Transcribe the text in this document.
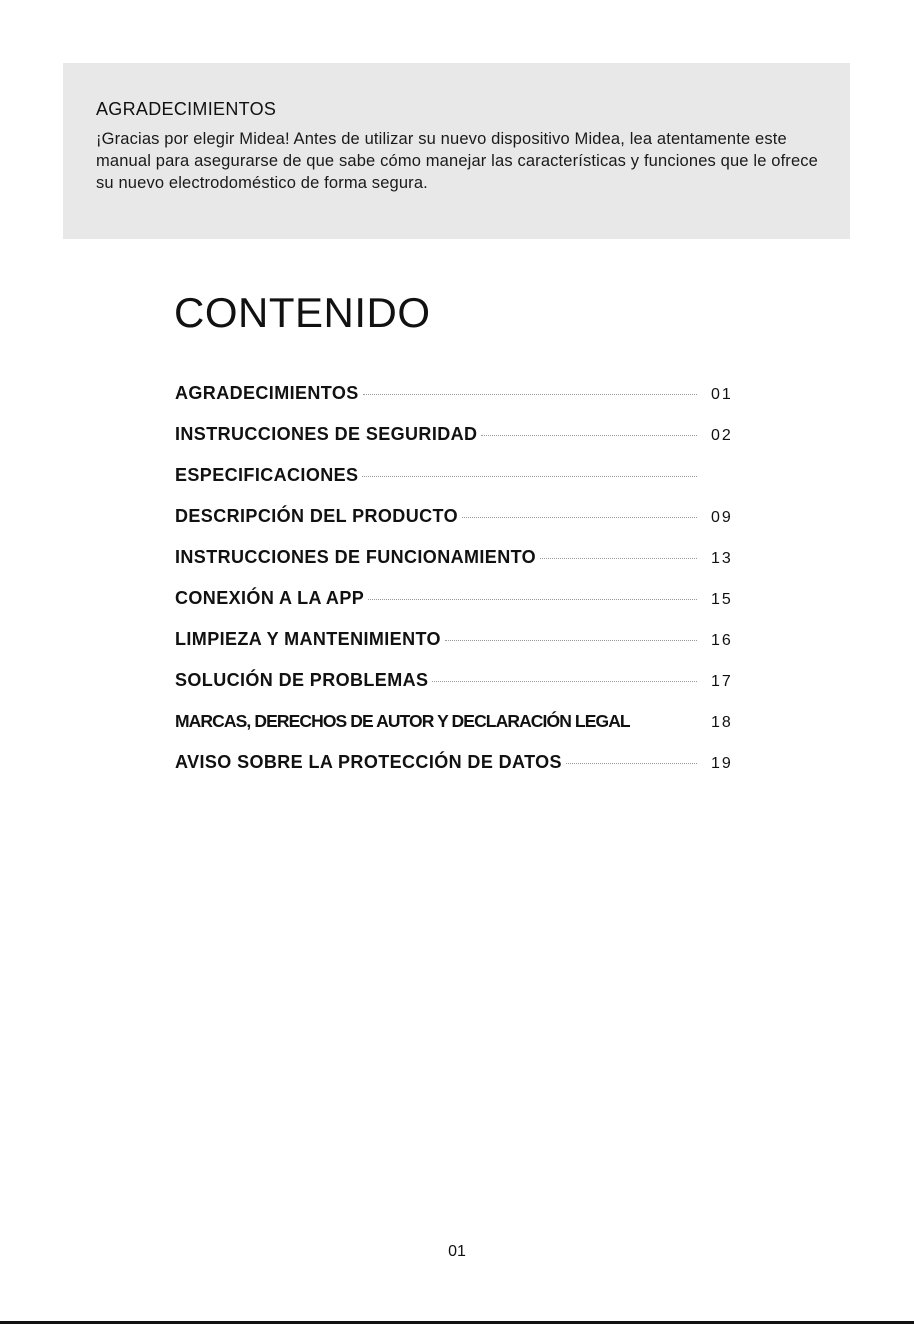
AGRADECIMIENTOS

¡Gracias por elegir Midea! Antes de utilizar su nuevo dispositivo Midea, lea atentamente este manual para asegurarse de que sabe cómo manejar las características y funciones que le ofrece su nuevo electrodoméstico de forma segura.

CONTENIDO
AGRADECIMIENTOS	01
INSTRUCCIONES DE SEGURIDAD	02
ESPECIFICACIONES
DESCRIPCIÓN DEL PRODUCTO	09
INSTRUCCIONES DE FUNCIONAMIENTO	13
CONEXIÓN A LA APP	15
LIMPIEZA Y MANTENIMIENTO	16
SOLUCIÓN DE PROBLEMAS	17
MARCAS, DERECHOS DE AUTOR Y DECLARACIÓN LEGAL	18
AVISO SOBRE LA PROTECCIÓN DE DATOS	19
01
